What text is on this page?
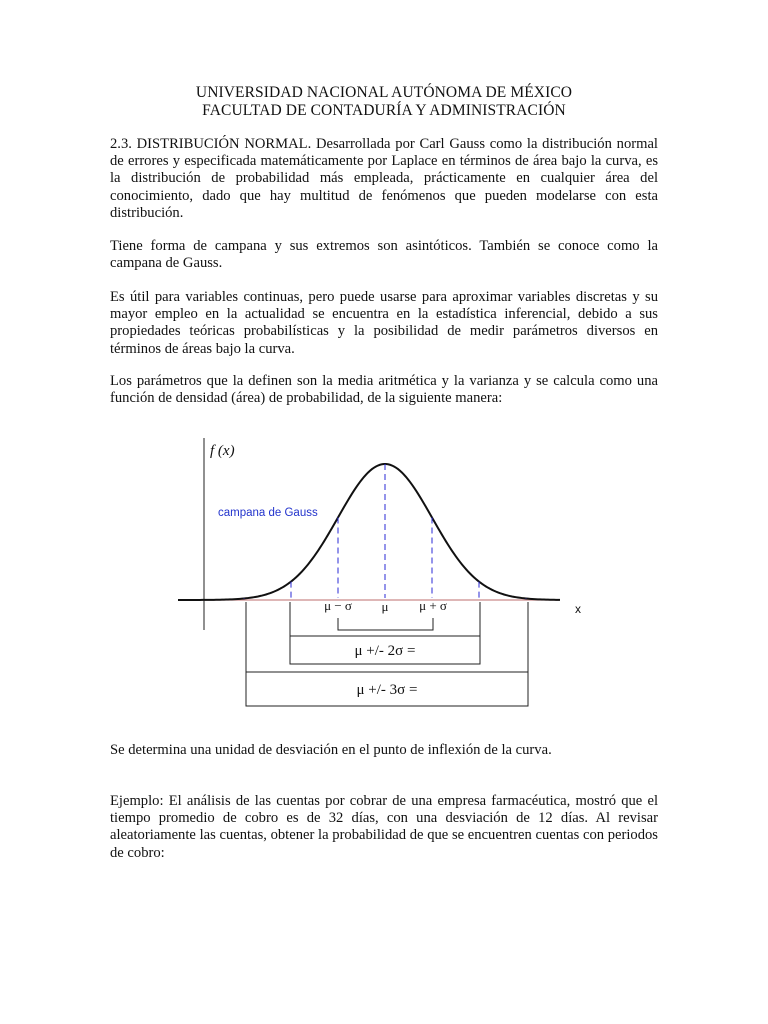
UNIVERSIDAD NACIONAL AUTÓNOMA DE MÉXICO
FACULTAD DE CONTADURÍA Y ADMINISTRACIÓN
2.3. DISTRIBUCIÓN NORMAL. Desarrollada por Carl Gauss como la distribución normal de errores y especificada matemáticamente por Laplace en términos de área bajo la curva, es la distribución de probabilidad más empleada, prácticamente en cualquier área del conocimiento, dado que hay multitud de fenómenos que pueden modelarse con esta distribución.
Tiene forma de campana y sus extremos son asintóticos. También se conoce como la campana de Gauss.
Es útil para variables continuas, pero puede usarse para aproximar variables discretas y su mayor empleo en la actualidad se encuentra en la estadística inferencial, debido a sus propiedades teóricas probabilísticas y la posibilidad de medir parámetros diversos en términos de áreas bajo la curva.
Los parámetros que la definen son la media aritmética y la varianza y se calcula como una función de densidad (área) de probabilidad, de la siguiente manera:
f (x)
campana de Gauss
x
μ − σ μ μ + σ
μ +/- 2σ =
μ +/- 3σ =
Se determina una unidad de desviación en el punto de inflexión de la curva.
Ejemplo: El análisis de las cuentas por cobrar de una empresa farmacéutica, mostró que el tiempo promedio de cobro es de 32 días, con una desviación de 12 días. Al revisar aleatoriamente las cuentas, obtener la probabilidad de que se encuentren cuentas con periodos de cobro:
